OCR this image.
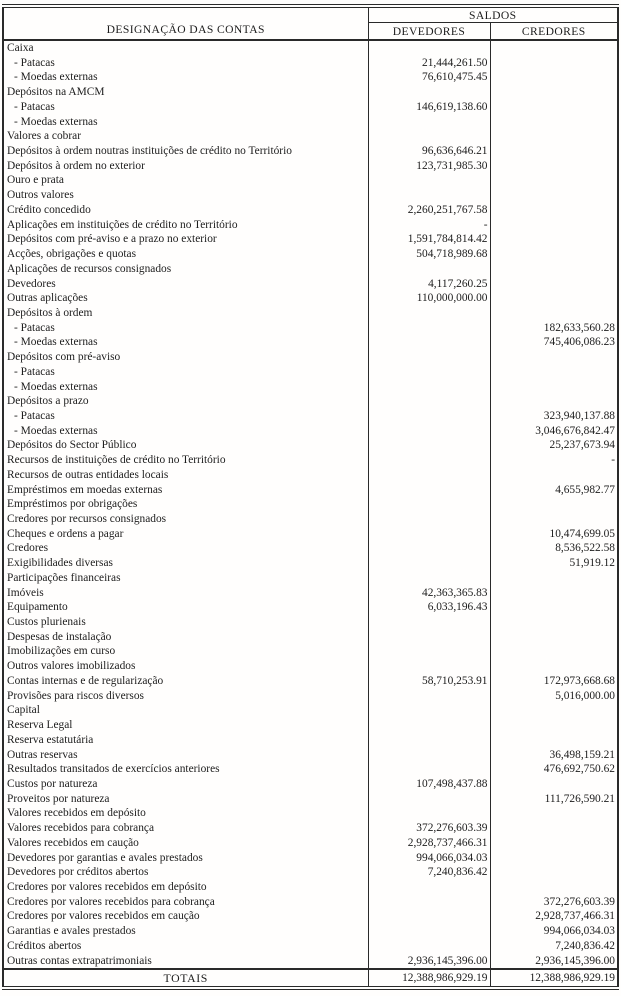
DESIGNAÇÃO DAS CONTAS	SALDOS	
	DEVEDORES	CREDORES
Caixa		
- Patacas	21,444,261.50	
- Moedas externas	76,610,475.45	
Depósitos na AMCM		
- Patacas	146,619,138.60	
- Moedas externas		
Valores a cobrar		
Depósitos à ordem noutras instituições de crédito no Território	96,636,646.21	
Depósitos à ordem no exterior	123,731,985.30	
Ouro e prata		
Outros valores		
Crédito concedido	2,260,251,767.58	
Aplicações em instituições de crédito no Território	-	
Depósitos com pré-aviso e a prazo no exterior	1,591,784,814.42	
Acções, obrigações e quotas	504,718,989.68	
Aplicações de recursos consignados		
Devedores	4,117,260.25	
Outras aplicações	110,000,000.00	
Depósitos à ordem		
- Patacas		182,633,560.28
- Moedas externas		745,406,086.23
Depósitos com pré-aviso		
- Patacas		
- Moedas externas		
Depósitos a prazo		
- Patacas		323,940,137.88
- Moedas externas		3,046,676,842.47
Depósitos do Sector Público		25,237,673.94
Recursos de instituições de crédito no Território		-
Recursos de outras entidades locais		
Empréstimos em moedas externas		4,655,982.77
Empréstimos por obrigações		
Credores por recursos consignados		
Cheques e ordens a pagar		10,474,699.05
Credores		8,536,522.58
Exigibilidades diversas		51,919.12
Participações financeiras		
Imóveis	42,363,365.83	
Equipamento	6,033,196.43	
Custos plurienais		
Despesas de instalação		
Imobilizações em curso		
Outros valores imobilizados		
Contas internas e de regularização	58,710,253.91	172,973,668.68
Provisões para riscos diversos		5,016,000.00
Capital		
Reserva Legal		
Reserva estatutária		
Outras reservas		36,498,159.21
Resultados transitados de exercícios anteriores		476,692,750.62
Custos por natureza	107,498,437.88	
Proveitos por natureza		111,726,590.21
Valores recebidos em depósito		
Valores recebidos para cobrança	372,276,603.39	
Valores recebidos em caução	2,928,737,466.31	
Devedores por garantias e avales prestados	994,066,034.03	
Devedores por créditos abertos	7,240,836.42	
Credores por valores recebidos em depósito		
Credores por valores recebidos para cobrança		372,276,603.39
Credores por valores recebidos em caução		2,928,737,466.31
Garantias e avales prestados		994,066,034.03
Créditos abertos		7,240,836.42
Outras contas extrapatrimoniais	2,936,145,396.00	2,936,145,396.00
TOTAIS	12,388,986,929.19	12,388,986,929.19
